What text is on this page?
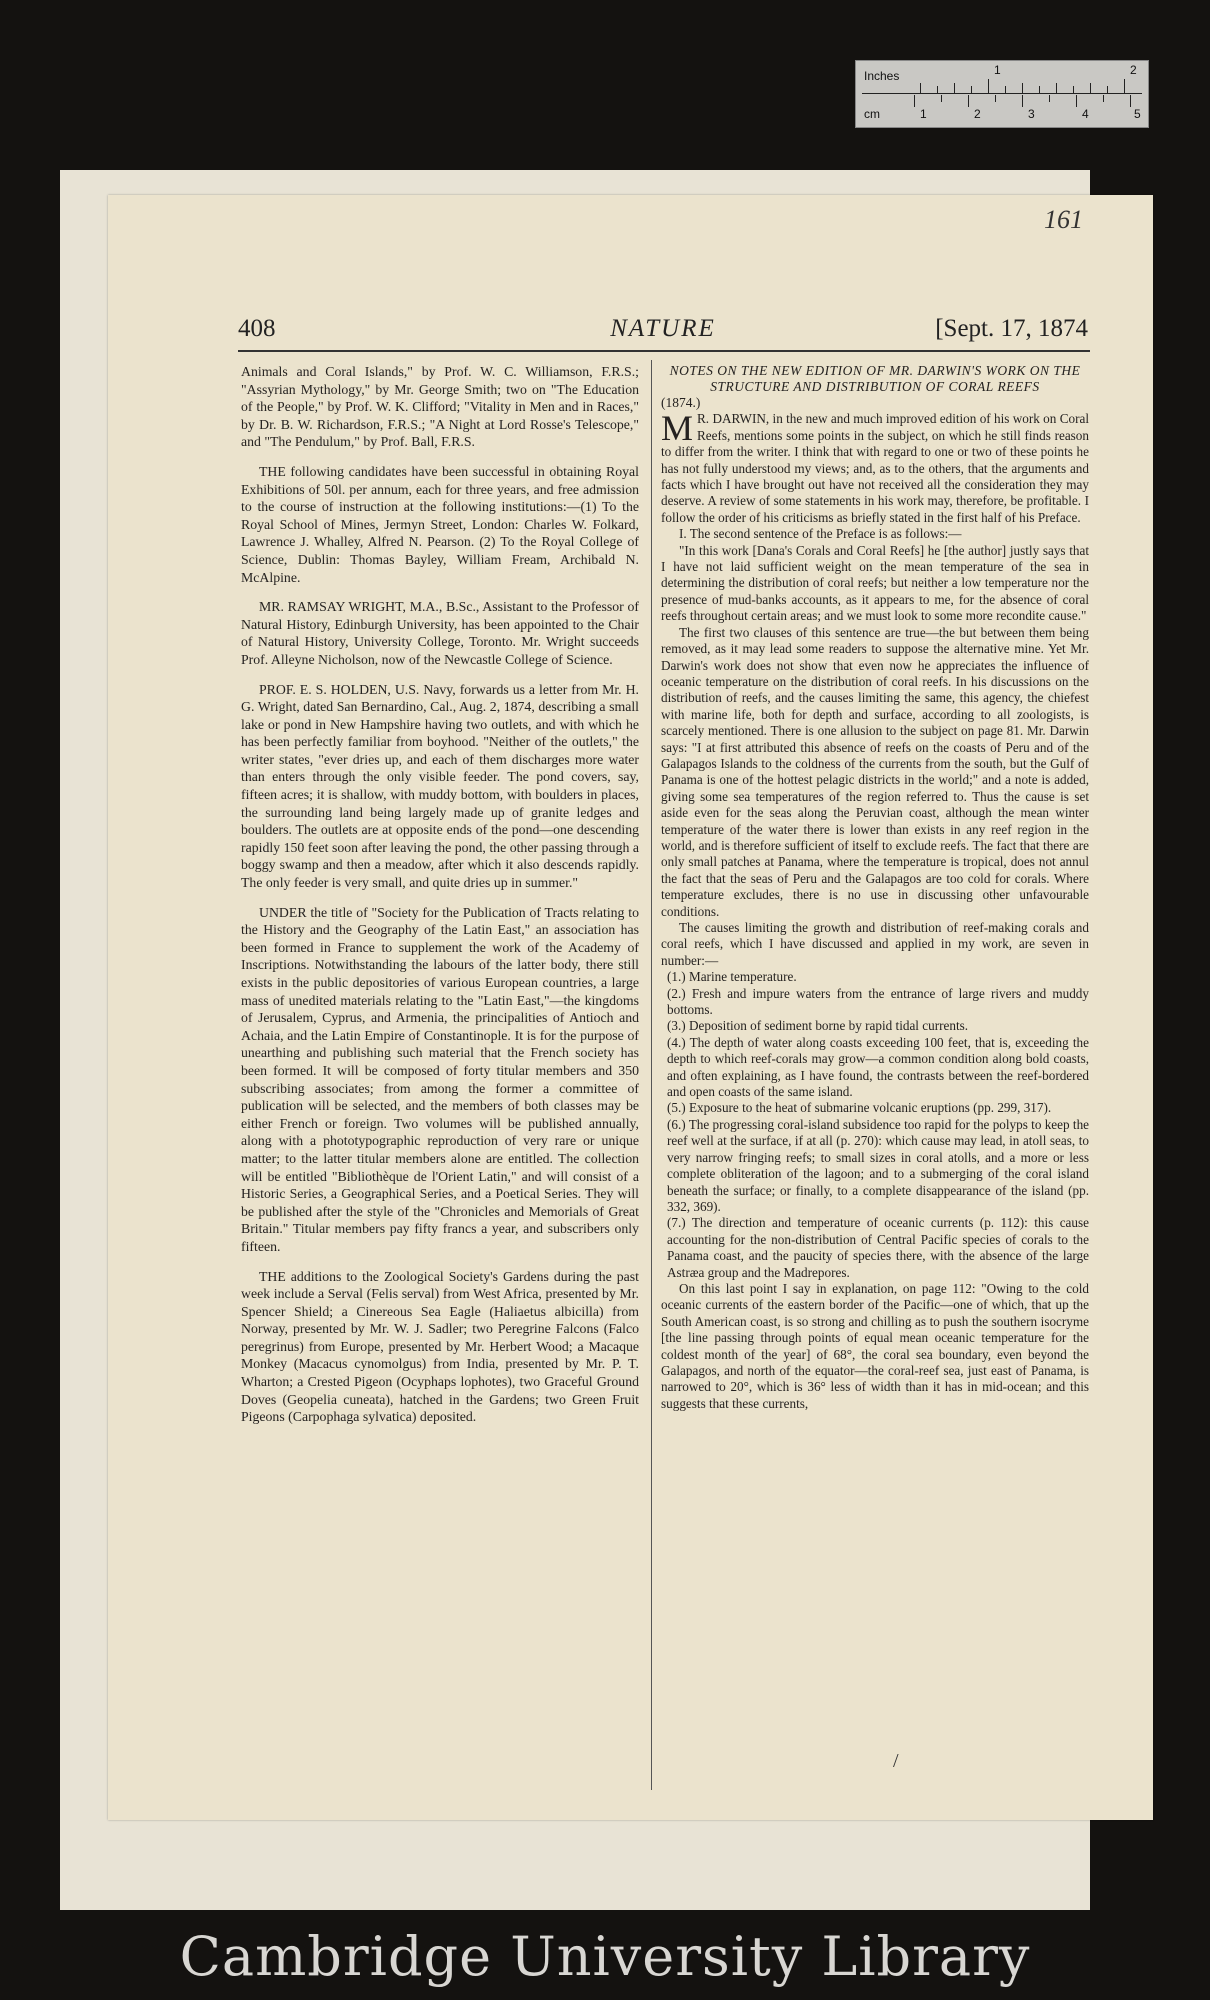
Inches	1	2
cm	1	2	3	4	5
161
408	NATURE	[Sept. 17, 1874

Animals and Coral Islands," by Prof. W. C. Williamson, F.R.S.; "Assyrian Mythology," by Mr. George Smith; two on "The Education of the People," by Prof. W. K. Clifford; "Vitality in Men and in Races," by Dr. B. W. Richardson, F.R.S.; "A Night at Lord Rosse's Telescope," and "The Pendulum," by Prof. Ball, F.R.S.

THE following candidates have been successful in obtaining Royal Exhibitions of 50l. per annum, each for three years, and free admission to the course of instruction at the following institutions:—(1) To the Royal School of Mines, Jermyn Street, London: Charles W. Folkard, Lawrence J. Whalley, Alfred N. Pearson. (2) To the Royal College of Science, Dublin: Thomas Bayley, William Fream, Archibald N. McAlpine.

MR. RAMSAY WRIGHT, M.A., B.Sc., Assistant to the Professor of Natural History, Edinburgh University, has been appointed to the Chair of Natural History, University College, Toronto. Mr. Wright succeeds Prof. Alleyne Nicholson, now of the Newcastle College of Science.

PROF. E. S. HOLDEN, U.S. Navy, forwards us a letter from Mr. H. G. Wright, dated San Bernardino, Cal., Aug. 2, 1874, describing a small lake or pond in New Hampshire having two outlets, and with which he has been perfectly familiar from boyhood. "Neither of the outlets," the writer states, "ever dries up, and each of them discharges more water than enters through the only visible feeder. The pond covers, say, fifteen acres; it is shallow, with muddy bottom, with boulders in places, the surrounding land being largely made up of granite ledges and boulders. The outlets are at opposite ends of the pond—one descending rapidly 150 feet soon after leaving the pond, the other passing through a boggy swamp and then a meadow, after which it also descends rapidly. The only feeder is very small, and quite dries up in summer."

UNDER the title of "Society for the Publication of Tracts relating to the History and the Geography of the Latin East," an association has been formed in France to supplement the work of the Academy of Inscriptions. Notwithstanding the labours of the latter body, there still exists in the public depositories of various European countries, a large mass of unedited materials relating to the "Latin East,"—the kingdoms of Jerusalem, Cyprus, and Armenia, the principalities of Antioch and Achaia, and the Latin Empire of Constantinople. It is for the purpose of unearthing and publishing such material that the French society has been formed. It will be composed of forty titular members and 350 subscribing associates; from among the former a committee of publication will be selected, and the members of both classes may be either French or foreign. Two volumes will be published annually, along with a phototypographic reproduction of very rare or unique matter; to the latter titular members alone are entitled. The collection will be entitled "Bibliothèque de l'Orient Latin," and will consist of a Historic Series, a Geographical Series, and a Poetical Series. They will be published after the style of the "Chronicles and Memorials of Great Britain." Titular members pay fifty francs a year, and subscribers only fifteen.

THE additions to the Zoological Society's Gardens during the past week include a Serval (Felis serval) from West Africa, presented by Mr. Spencer Shield; a Cinereous Sea Eagle (Haliaetus albicilla) from Norway, presented by Mr. W. J. Sadler; two Peregrine Falcons (Falco peregrinus) from Europe, presented by Mr. Herbert Wood; a Macaque Monkey (Macacus cynomolgus) from India, presented by Mr. P. T. Wharton; a Crested Pigeon (Ocyphaps lophotes), two Graceful Ground Doves (Geopelia cuneata), hatched in the Gardens; two Green Fruit Pigeons (Carpophaga sylvatica) deposited.

NOTES ON THE NEW EDITION OF MR. DARWIN'S WORK ON THE STRUCTURE AND DISTRIBUTION OF CORAL REEFS

(1874.)

M R. DARWIN, in the new and much improved edition of his work on Coral Reefs, mentions some points in the subject, on which he still finds reason to differ from the writer. I think that with regard to one or two of these points he has not fully understood my views; and, as to the others, that the arguments and facts which I have brought out have not received all the consideration they may deserve. A review of some statements in his work may, therefore, be profitable. I follow the order of his criticisms as briefly stated in the first half of his Preface.

I. The second sentence of the Preface is as follows:—

"In this work [Dana's Corals and Coral Reefs] he [the author] justly says that I have not laid sufficient weight on the mean temperature of the sea in determining the distribution of coral reefs; but neither a low temperature nor the presence of mud-banks accounts, as it appears to me, for the absence of coral reefs throughout certain areas; and we must look to some more recondite cause."

The first two clauses of this sentence are true—the but between them being removed, as it may lead some readers to suppose the alternative mine. Yet Mr. Darwin's work does not show that even now he appreciates the influence of oceanic temperature on the distribution of coral reefs. In his discussions on the distribution of reefs, and the causes limiting the same, this agency, the chiefest with marine life, both for depth and surface, according to all zoologists, is scarcely mentioned. There is one allusion to the subject on page 81. Mr. Darwin says: "I at first attributed this absence of reefs on the coasts of Peru and of the Galapagos Islands to the coldness of the currents from the south, but the Gulf of Panama is one of the hottest pelagic districts in the world;" and a note is added, giving some sea temperatures of the region referred to. Thus the cause is set aside even for the seas along the Peruvian coast, although the mean winter temperature of the water there is lower than exists in any reef region in the world, and is therefore sufficient of itself to exclude reefs. The fact that there are only small patches at Panama, where the temperature is tropical, does not annul the fact that the seas of Peru and the Galapagos are too cold for corals. Where temperature excludes, there is no use in discussing other unfavourable conditions.

The causes limiting the growth and distribution of reef-making corals and coral reefs, which I have discussed and applied in my work, are seven in number:—

(1.) Marine temperature.

(2.) Fresh and impure waters from the entrance of large rivers and muddy bottoms.

(3.) Deposition of sediment borne by rapid tidal currents.

(4.) The depth of water along coasts exceeding 100 feet, that is, exceeding the depth to which reef-corals may grow—a common condition along bold coasts, and often explaining, as I have found, the contrasts between the reef-bordered and open coasts of the same island.

(5.) Exposure to the heat of submarine volcanic eruptions (pp. 299, 317).

(6.) The progressing coral-island subsidence too rapid for the polyps to keep the reef well at the surface, if at all (p. 270): which cause may lead, in atoll seas, to very narrow fringing reefs; to small sizes in coral atolls, and a more or less complete obliteration of the lagoon; and to a submerging of the coral island beneath the surface; or finally, to a complete disappearance of the island (pp. 332, 369).

(7.) The direction and temperature of oceanic currents (p. 112): this cause accounting for the non-distribution of Central Pacific species of corals to the Panama coast, and the paucity of species there, with the absence of the large Astræa group and the Madrepores.

On this last point I say in explanation, on page 112: "Owing to the cold oceanic currents of the eastern border of the Pacific—one of which, that up the South American coast, is so strong and chilling as to push the southern isocryme [the line passing through points of equal mean oceanic temperature for the coldest month of the year] of 68°, the coral sea boundary, even beyond the Galapagos, and north of the equator—the coral-reef sea, just east of Panama, is narrowed to 20°, which is 36° less of width than it has in mid-ocean; and this suggests that these currents,

/
Cambridge University Library
